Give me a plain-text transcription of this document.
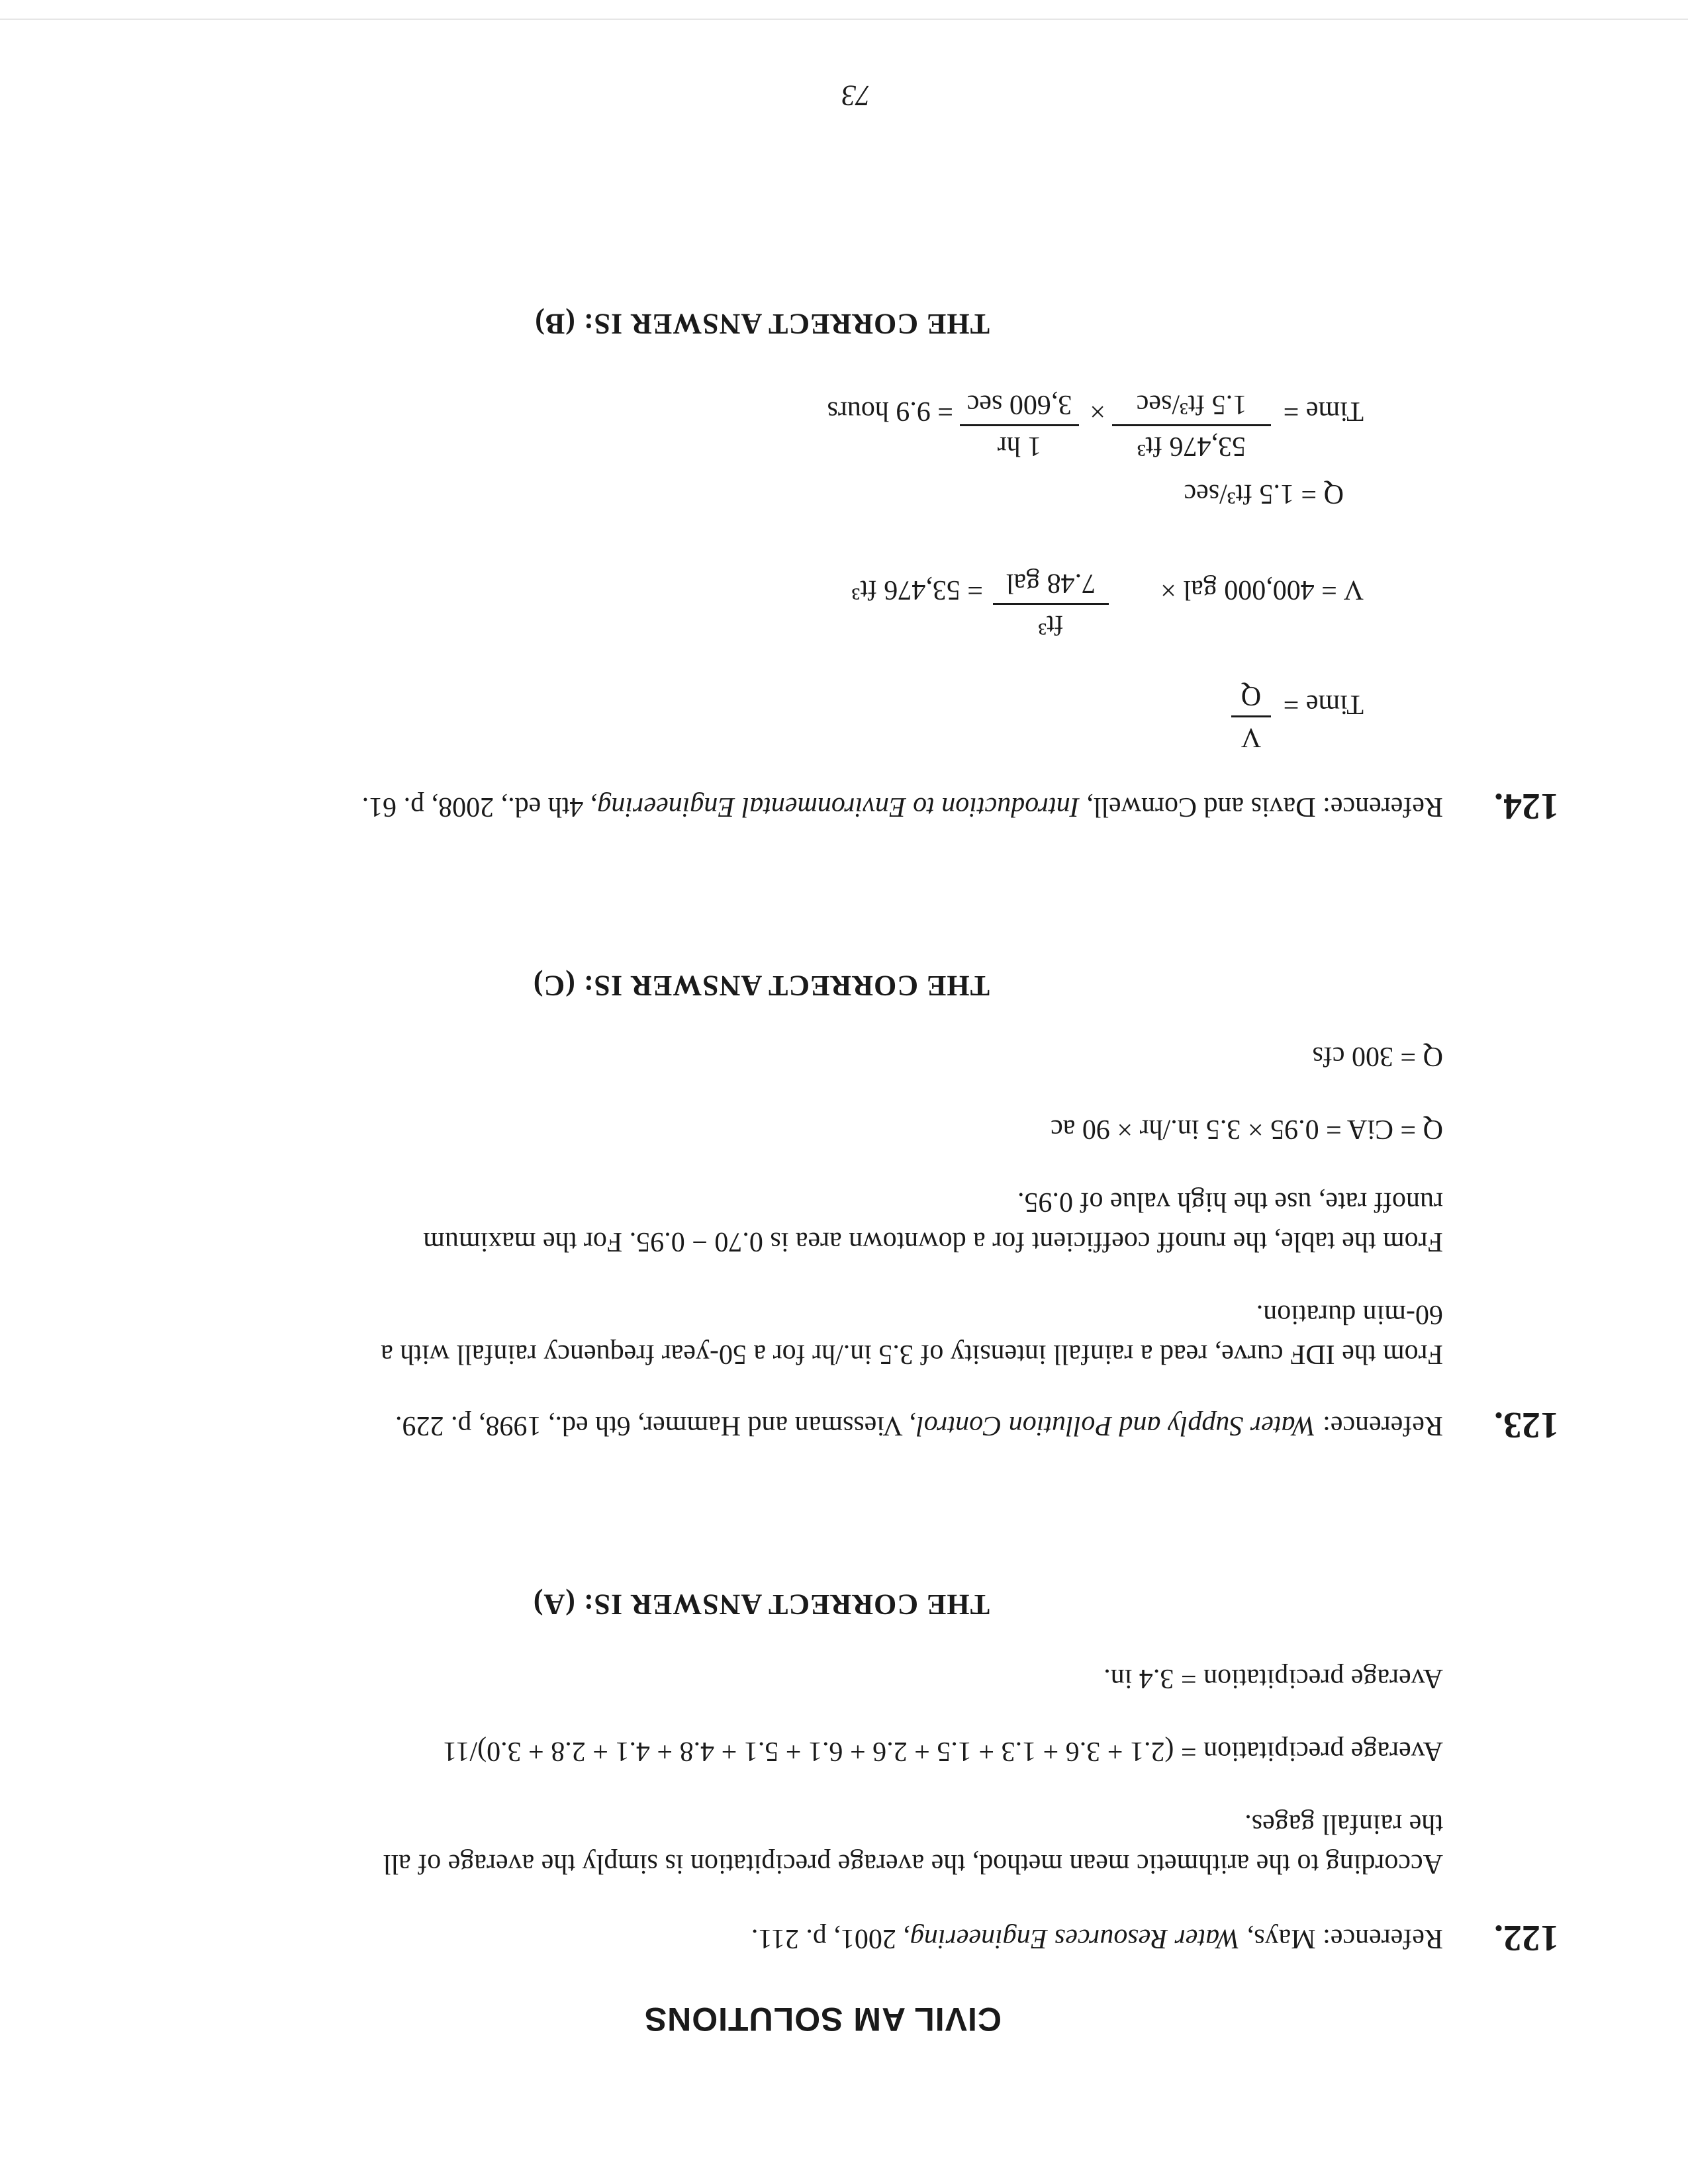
CIVIL AM SOLUTIONS
122.
Reference: Mays, Water Resources Engineering, 2001, p. 211.
According to the arithmetic mean method, the average precipitation is simply the average of all
the rainfall gages.
Average precipitation = (2.1 + 3.6 + 1.3 + 1.5 + 2.6 + 6.1 + 5.1 + 4.8 + 4.1 + 2.8 + 3.0)/11
Average precipitation = 3.4 in.
THE CORRECT ANSWER IS: (A)
123.
Reference: Water Supply and Pollution Control, Viessman and Hammer, 6th ed., 1998, p. 229.
From the IDF curve, read a rainfall intensity of 3.5 in./hr for a 50-year frequency rainfall with a
60-min duration.
From the table, the runoff coefficient for a downtown area is 0.70 − 0.95. For the maximum
runoff rate, use the high value of 0.95.
Q = CiA = 0.95 × 3.5 in./hr × 90 ac
Q = 300 cfs
THE CORRECT ANSWER IS: (C)
124.
Reference: Davis and Cornwell, Introduction to Environmental Engineering, 4th ed., 2008, p. 61.
Time =
V
Q
V = 400,000 gal ×
ft³
7.48 gal
= 53,476 ft³
Q = 1.5 ft³/sec
Time =
53,476 ft³
1.5 ft³/sec
×
1 hr
3,600 sec
= 9.9 hours
THE CORRECT ANSWER IS: (B)
73
